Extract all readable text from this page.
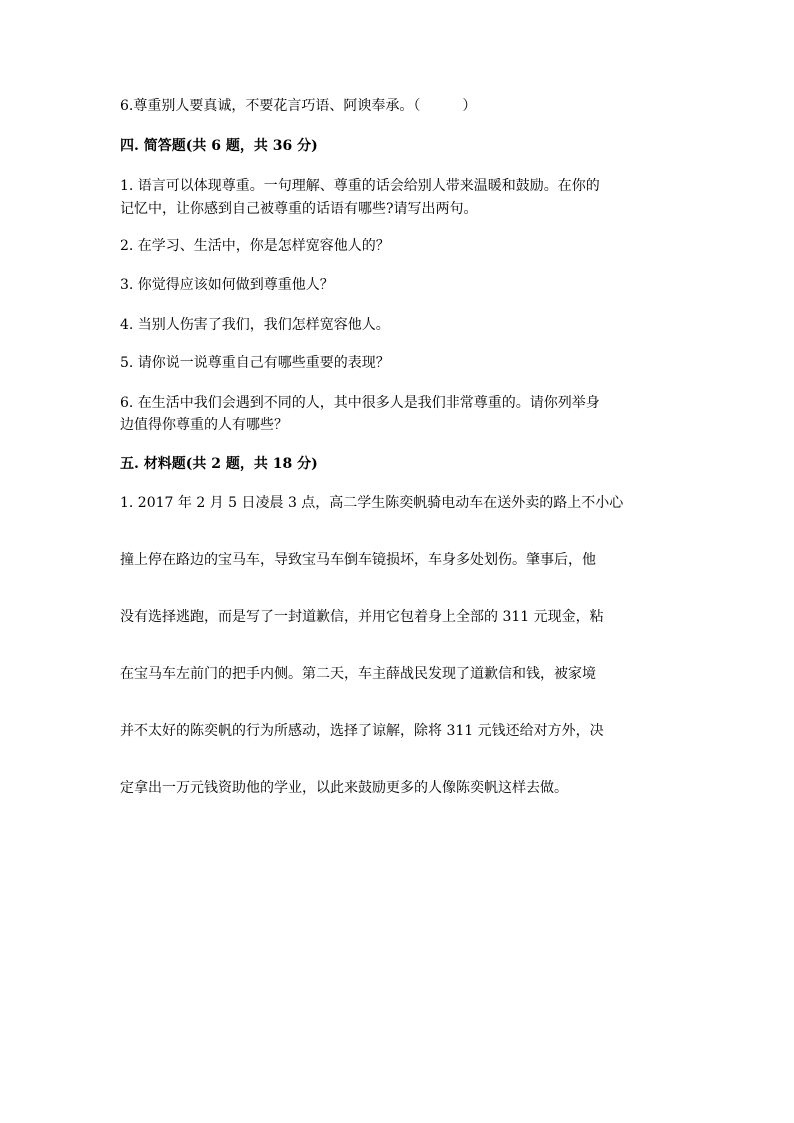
6.尊重别人要真诚，不要花言巧语、阿谀奉承。（　　　）
四. 简答题(共 6 题，共 36 分)
1. 语言可以体现尊重。一句理解、尊重的话会给别人带来温暖和鼓励。在你的
记忆中，让你感到自己被尊重的话语有哪些?请写出两句。
2. 在学习、生活中，你是怎样宽容他人的？
3. 你觉得应该如何做到尊重他人？
4. 当别人伤害了我们，我们怎样宽容他人。
5. 请你说一说尊重自己有哪些重要的表现？
6. 在生活中我们会遇到不同的人，其中很多人是我们非常尊重的。请你列举身
边值得你尊重的人有哪些？
五. 材料题(共 2 题，共 18 分)
1. 2017 年 2 月 5 日凌晨 3 点，高二学生陈奕帆骑电动车在送外卖的路上不小心
撞上停在路边的宝马车，导致宝马车倒车镜损坏，车身多处划伤。肇事后，他
没有选择逃跑，而是写了一封道歉信，并用它包着身上全部的 311 元现金，粘
在宝马车左前门的把手内侧。第二天，车主薛战民发现了道歉信和钱，被家境
并不太好的陈奕帆的行为所感动，选择了谅解，除将 311 元钱还给对方外，决
定拿出一万元钱资助他的学业，以此来鼓励更多的人像陈奕帆这样去做。
